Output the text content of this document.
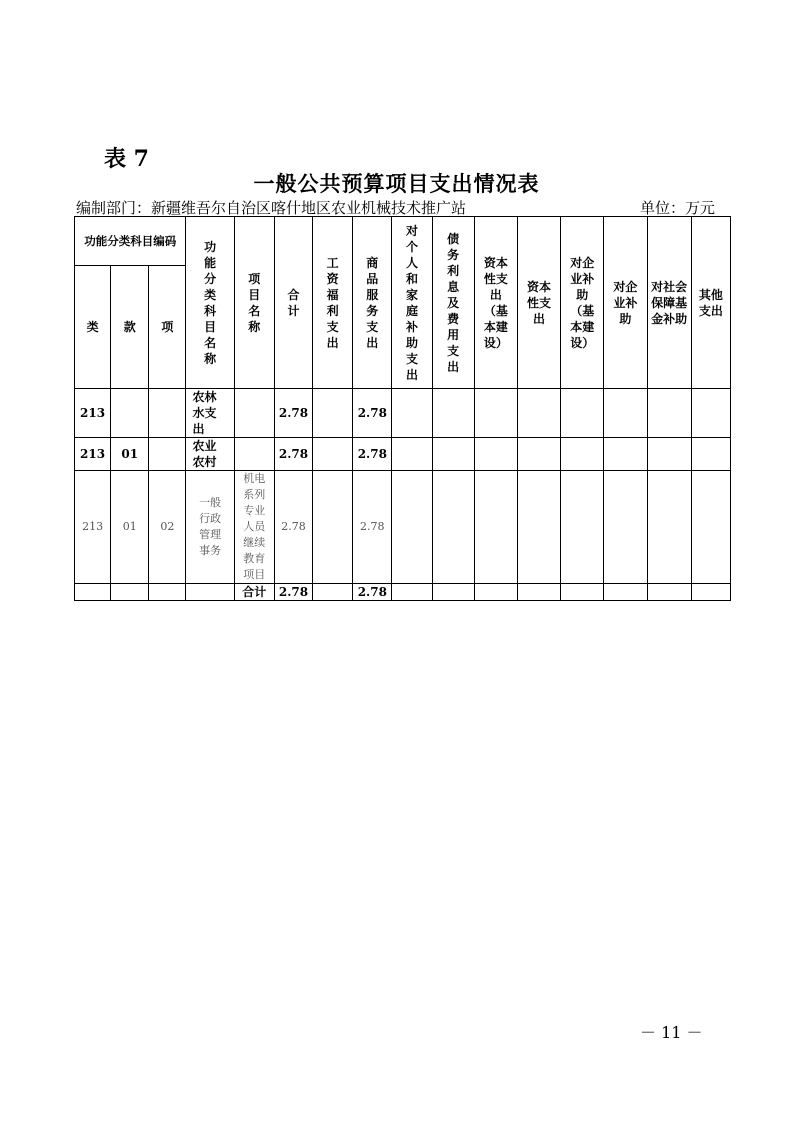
表 7
一般公共预算项目支出情况表
编制部门：新疆维吾尔自治区喀什地区农业机械技术推广站	单位：万元
功能分类科目编码			功能分类科目名称	项目名称	合计	工资福利支出	商品服务支出	对个人和家庭补助支出	债务利息及费用支出	资本性支出（基本建设）	资本性支出	对企业补助（基本建设）	对企业补助	对社会保障基金补助	其他支出
类	款	项													
213			农林水支出		2.78		2.78								
213	01		农业农村		2.78		2.78								
213	01	02	一般行政管理事务	机电系列专业人员继续教育项目	2.78		2.78								
				合计	2.78		2.78								
－ 11 －
